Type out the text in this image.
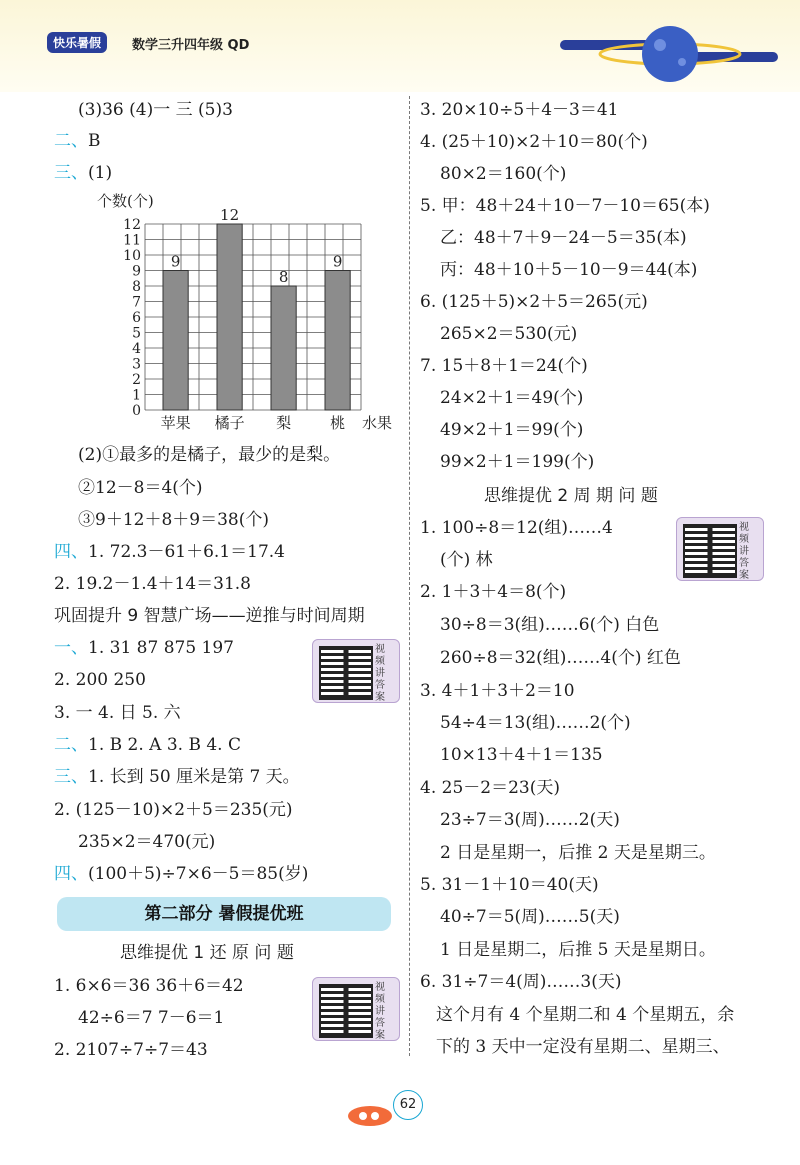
快乐暑假	数学三升四年级 QD
(3)36 (4)一 三 (5)3
二、B
三、(1)
个数(个)
0
1
2
3
4
5
6
7
8
9
10
11
12
9
苹果
12
橘子
8
梨
9
桃 水果
(2)①最多的是橘子，最少的是梨。
②12－8＝4(个)
③9＋12＋8＋9＝38(个)
四、1. 72.3－61＋6.1＝17.4
2. 19.2－1.4＋14＝31.8
巩固提升 9 智慧广场——逆推与时间周期
一、1. 31 87 875 197
2. 200 250
3. 一 4. 日 5. 六
二、1. B 2. A 3. B 4. C
三、1. 长到 50 厘米是第 7 天。
2. (125－10)×2＋5＝235(元)
235×2＝470(元)
四、(100＋5)÷7×6－5＝85(岁)
第二部分 暑假提优班
思维提优 1 还 原 问 题
1. 6×6＝36 36＋6＝42
42÷6＝7 7－6＝1
2. 2107÷7÷7＝43
视频讲答案
视频讲答案
3. 20×10÷5＋4－3＝41
4. (25＋10)×2＋10＝80(个)
80×2＝160(个)
5. 甲：48＋24＋10－7－10＝65(本)
乙：48＋7＋9－24－5＝35(本)
丙：48＋10＋5－10－9＝44(本)
6. (125＋5)×2＋5＝265(元)
265×2＝530(元)
7. 15＋8＋1＝24(个)
24×2＋1＝49(个)
49×2＋1＝99(个)
99×2＋1＝199(个)
思维提优 2 周 期 问 题
1. 100÷8＝12(组)……4
(个) 林
2. 1＋3＋4＝8(个)
30÷8＝3(组)……6(个) 白色
260÷8＝32(组)……4(个) 红色
3. 4＋1＋3＋2＝10
54÷4＝13(组)……2(个)
10×13＋4＋1＝135
4. 25－2＝23(天)
23÷7＝3(周)……2(天)
2 日是星期一，后推 2 天是星期三。
5. 31－1＋10＝40(天)
40÷7＝5(周)……5(天)
1 日是星期二，后推 5 天是星期日。
6. 31÷7＝4(周)……3(天)
这个月有 4 个星期二和 4 个星期五，余
下的 3 天中一定没有星期二、星期三、
视频讲答案
62
